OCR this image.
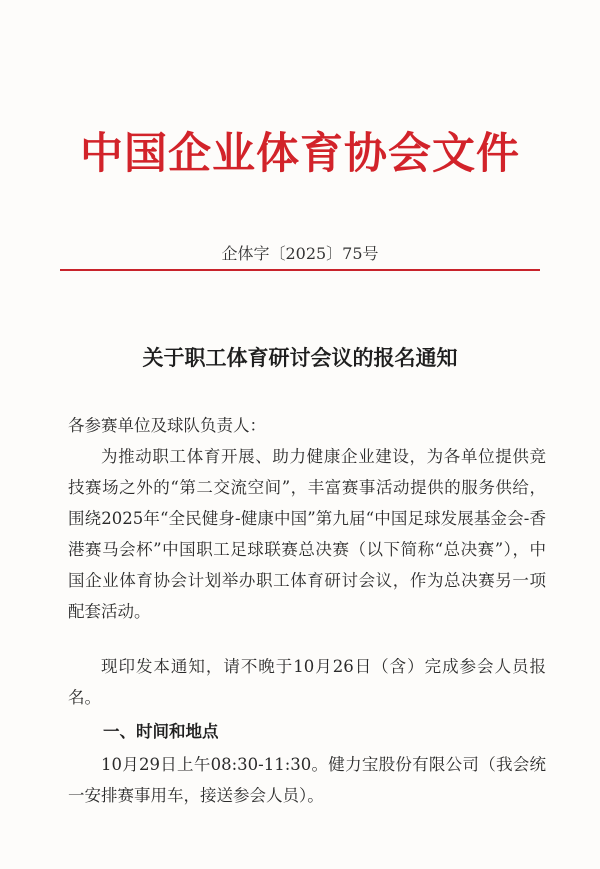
中国企业体育协会文件
企体字〔2025〕75号
关于职工体育研讨会议的报名通知
各参赛单位及球队负责人：
为推动职工体育开展、助力健康企业建设，为各单位提供竞技赛场之外的“第二交流空间”，丰富赛事活动提供的服务供给，围绕2025年“全民健身-健康中国”第九届“中国足球发展基金会-香港赛马会杯”中国职工足球联赛总决赛（以下简称“总决赛”），中国企业体育协会计划举办职工体育研讨会议，作为总决赛另一项配套活动。
现印发本通知，请不晚于10月26日（含）完成参会人员报名。
一、时间和地点
10月29日上午08:30-11:30。健力宝股份有限公司（我会统一安排赛事用车，接送参会人员）。
